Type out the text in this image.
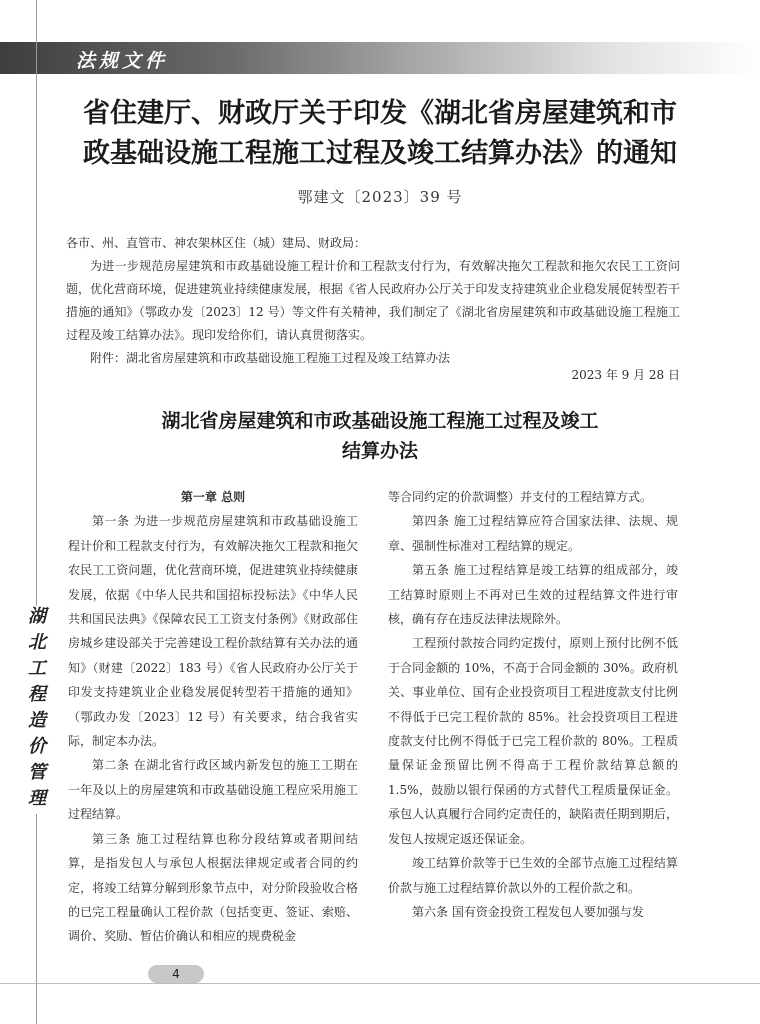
法规文件
省住建厅、财政厅关于印发《湖北省房屋建筑和市
政基础设施工程施工过程及竣工结算办法》的通知
鄂建文〔2023〕39 号

各市、州、直管市、神农架林区住（城）建局、财政局：

为进一步规范房屋建筑和市政基础设施工程计价和工程款支付行为，有效解决拖欠工程款和拖欠农民工工资问题，优化营商环境，促进建筑业持续健康发展，根据《省人民政府办公厅关于印发支持建筑业企业稳发展促转型若干措施的通知》（鄂政办发〔2023〕12 号）等文件有关精神，我们制定了《湖北省房屋建筑和市政基础设施工程施工过程及竣工结算办法》。现印发给你们，请认真贯彻落实。

附件：湖北省房屋建筑和市政基础设施工程施工过程及竣工结算办法

2023 年 9 月 28 日
湖北省房屋建筑和市政基础设施工程施工过程及竣工
结算办法

第一章 总则

第一条 为进一步规范房屋建筑和市政基础设施工程计价和工程款支付行为，有效解决拖欠工程款和拖欠农民工工资问题，优化营商环境，促进建筑业持续健康发展，依据《中华人民共和国招标投标法》《中华人民共和国民法典》《保障农民工工资支付条例》《财政部住房城乡建设部关于完善建设工程价款结算有关办法的通知》（财建〔2022〕183 号）《省人民政府办公厅关于印发支持建筑业企业稳发展促转型若干措施的通知》（鄂政办发〔2023〕12 号）有关要求，结合我省实际，制定本办法。

第二条 在湖北省行政区域内新发包的施工工期在一年及以上的房屋建筑和市政基础设施工程应采用施工过程结算。

第三条 施工过程结算也称分段结算或者期间结算，是指发包人与承包人根据法律规定或者合同的约定，将竣工结算分解到形象节点中，对分阶段验收合格的已完工程量确认工程价款（包括变更、签证、索赔、调价、奖励、暂估价确认和相应的规费税金

等合同约定的价款调整）并支付的工程结算方式。

第四条 施工过程结算应符合国家法律、法规、规章、强制性标准对工程结算的规定。

第五条 施工过程结算是竣工结算的组成部分，竣工结算时原则上不再对已生效的过程结算文件进行审核，确有存在违反法律法规除外。

工程预付款按合同约定拨付，原则上预付比例不低于合同金额的 10%，不高于合同金额的 30%。政府机关、事业单位、国有企业投资项目工程进度款支付比例不得低于已完工程价款的 85%。社会投资项目工程进度款支付比例不得低于已完工程价款的 80%。工程质量保证金预留比例不得高于工程价款结算总额的 1.5%，鼓励以银行保函的方式替代工程质量保证金。承包人认真履行合同约定责任的，缺陷责任期到期后，发包人按规定返还保证金。

竣工结算价款等于已生效的全部节点施工过程结算价款与施工过程结算价款以外的工程价款之和。

第六条 国有资金投资工程发包人要加强与发

湖北工程造价管理
4
